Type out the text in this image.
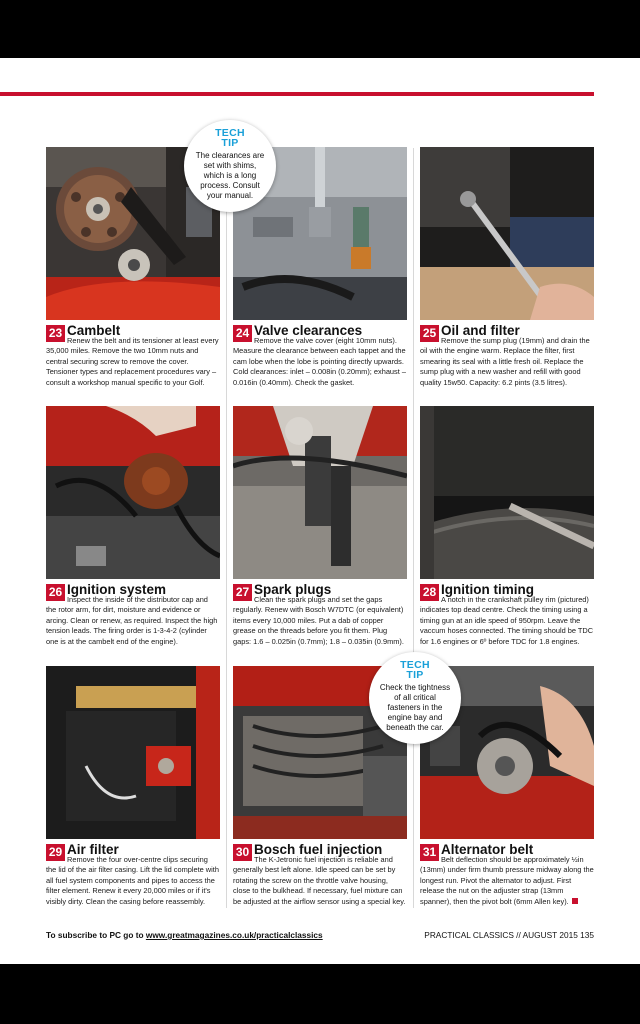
TECH
TIP
The clearances are set with shims, which is a long process. Consult your manual.
TECH
TIP
Check the tightness of all critical fasteners in the engine bay and beneath the car.
23 Cambelt
Renew the belt and its tensioner at least every 35,000 miles. Remove the two 10mm nuts and central securing screw to remove the cover. Tensioner types and replacement procedures vary – consult a workshop manual specific to your Golf.
24 Valve clearances
Remove the valve cover (eight 10mm nuts). Measure the clearance between each tappet and the cam lobe when the lobe is pointing directly upwards. Cold clearances: inlet – 0.008in (0.20mm); exhaust – 0.016in (0.40mm). Check the gasket.
25 Oil and filter
Remove the sump plug (19mm) and drain the oil with the engine warm. Replace the filter, first smearing its seal with a little fresh oil. Replace the sump plug with a new washer and refill with good quality 15w50. Capacity: 6.2 pints (3.5 litres).
26 Ignition system
Inspect the inside of the distributor cap and the rotor arm, for dirt, moisture and evidence or arcing. Clean or renew, as required. Inspect the high tension leads. The firing order is 1-3-4-2 (cylinder one is at the cambelt end of the engine).
27 Spark plugs
Clean the spark plugs and set the gaps regularly. Renew with Bosch W7DTC (or equivalent) items every 10,000 miles. Put a dab of copper grease on the threads before you fit them. Plug gaps: 1.6 – 0.025in (0.7mm); 1.8 – 0.035in (0.9mm).
28 Ignition timing
A notch in the crankshaft pulley rim (pictured) indicates top dead centre. Check the timing using a timing gun at an idle speed of 950rpm. Leave the vaccum hoses connected. The timing should be TDC for 1.6 engines or 6º before TDC for 1.8 engines.
29 Air filter
Remove the four over-centre clips securing the lid of the air filter casing. Lift the lid complete with all fuel system components and pipes to access the filter element. Renew it every 20,000 miles or if it's visibly dirty. Clean the casing before reassembly.
30 Bosch fuel injection
The K-Jetronic fuel injection is reliable and generally best left alone. Idle speed can be set by rotating the screw on the throttle valve housing, close to the bulkhead. If necessary, fuel mixture can be adjusted at the airflow sensor using a special key.
31 Alternator belt
Belt deflection should be approximately ½in (13mm) under firm thumb pressure midway along the longest run. Pivot the alternator to adjust. First release the nut on the adjuster strap (13mm spanner), then the pivot bolt (6mm Allen key).
To subscribe to PC go to www.greatmagazines.co.uk/practicalclassics	PRACTICAL CLASSICS // AUGUST 2015 135
